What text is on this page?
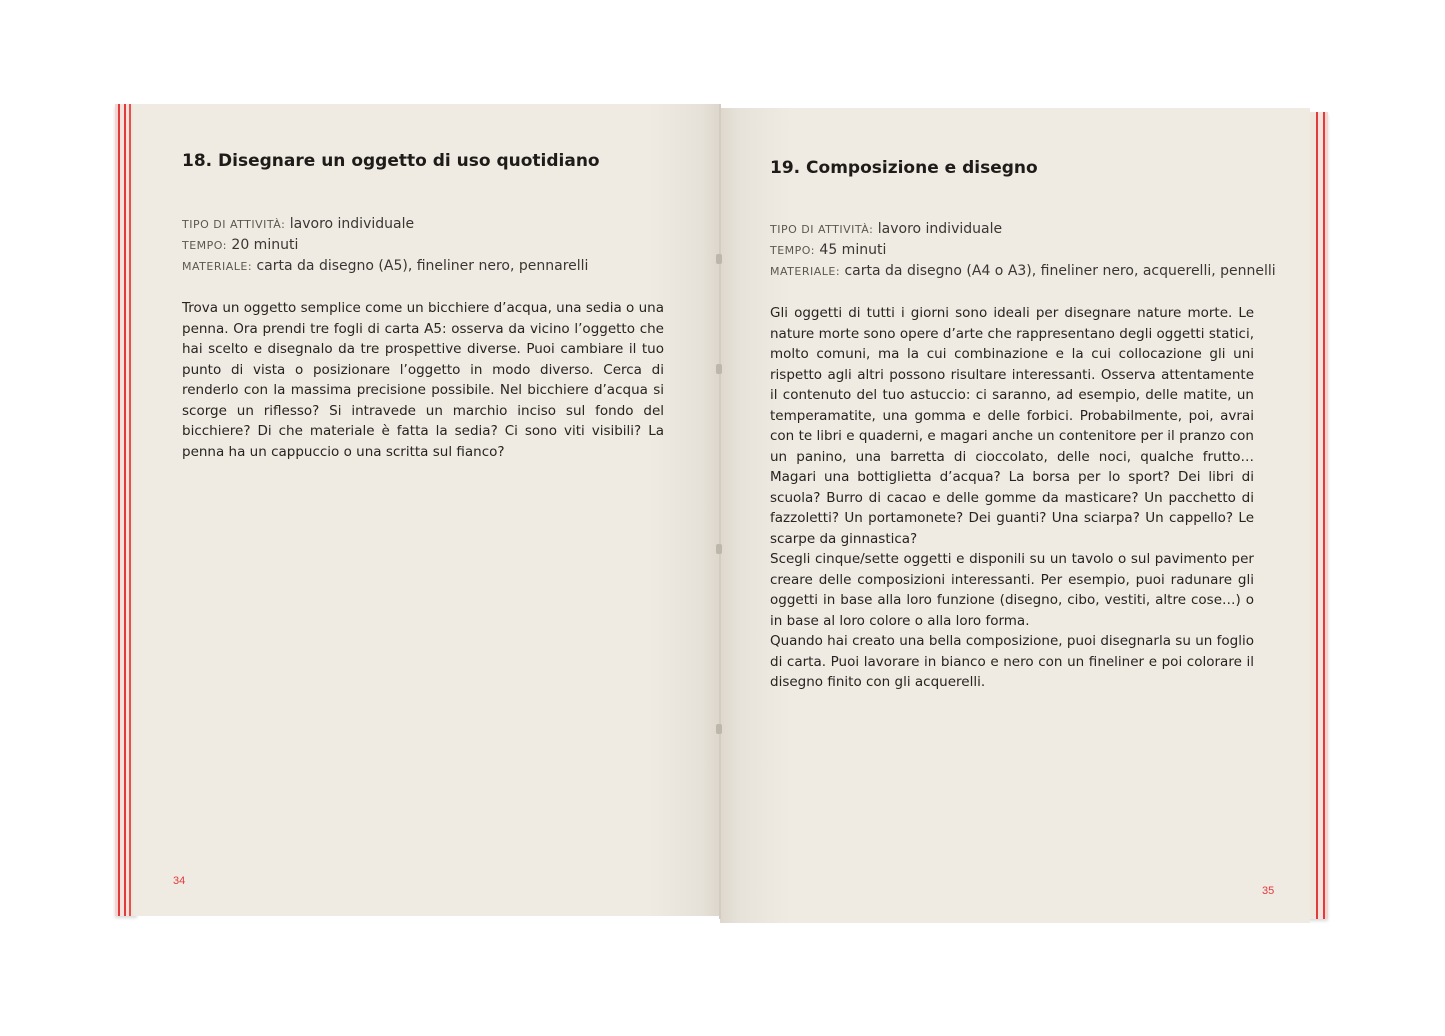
18. Disegnare un oggetto di uso quotidiano
TIPO DI ATTIVITÀ: lavoro individuale
TEMPO: 20 minuti
MATERIALE: carta da disegno (A5), fineliner nero, pennarelli

Trova un oggetto semplice come un bicchiere d’acqua, una sedia o una penna. Ora prendi tre fogli di carta A5: osserva da vicino l’oggetto che hai scelto e disegnalo da tre prospettive diverse. Puoi cambiare il tuo punto di vista o posizionare l’oggetto in modo diverso. Cerca di renderlo con la massima precisione possibile. Nel bicchiere d’acqua si scorge un riflesso? Si intravede un marchio inciso sul fondo del bicchiere? Di che materiale è fatta la sedia? Ci sono viti visibili? La penna ha un cappuccio o una scritta sul fianco?

34
19. Composizione e disegno
TIPO DI ATTIVITÀ: lavoro individuale
TEMPO: 45 minuti
MATERIALE: carta da disegno (A4 o A3), fineliner nero, acquerelli, pennelli

Gli oggetti di tutti i giorni sono ideali per disegnare nature morte. Le nature morte sono opere d’arte che rappresentano degli oggetti statici, molto comuni, ma la cui combinazione e la cui collocazione gli uni rispetto agli altri possono risultare interessanti. Osserva attentamente il contenuto del tuo astuccio: ci saranno, ad esempio, delle matite, un temperamatite, una gomma e delle forbici. Probabilmente, poi, avrai con te libri e quaderni, e magari anche un contenitore per il pranzo con un panino, una barretta di cioccolato, delle noci, qualche frutto… Magari una bottiglietta d’acqua? La borsa per lo sport? Dei libri di scuola? Burro di cacao e delle gomme da masticare? Un pacchetto di fazzoletti? Un portamonete? Dei guanti? Una sciarpa? Un cappello? Le scarpe da ginnastica?

Scegli cinque/sette oggetti e disponili su un tavolo o sul pavimento per creare delle composizioni interessanti. Per esempio, puoi radunare gli oggetti in base alla loro funzione (disegno, cibo, vestiti, altre cose…) o in base al loro colore o alla loro forma.

Quando hai creato una bella composizione, puoi disegnarla su un foglio di carta. Puoi lavorare in bianco e nero con un fineliner e poi colorare il disegno finito con gli acquerelli.

35
